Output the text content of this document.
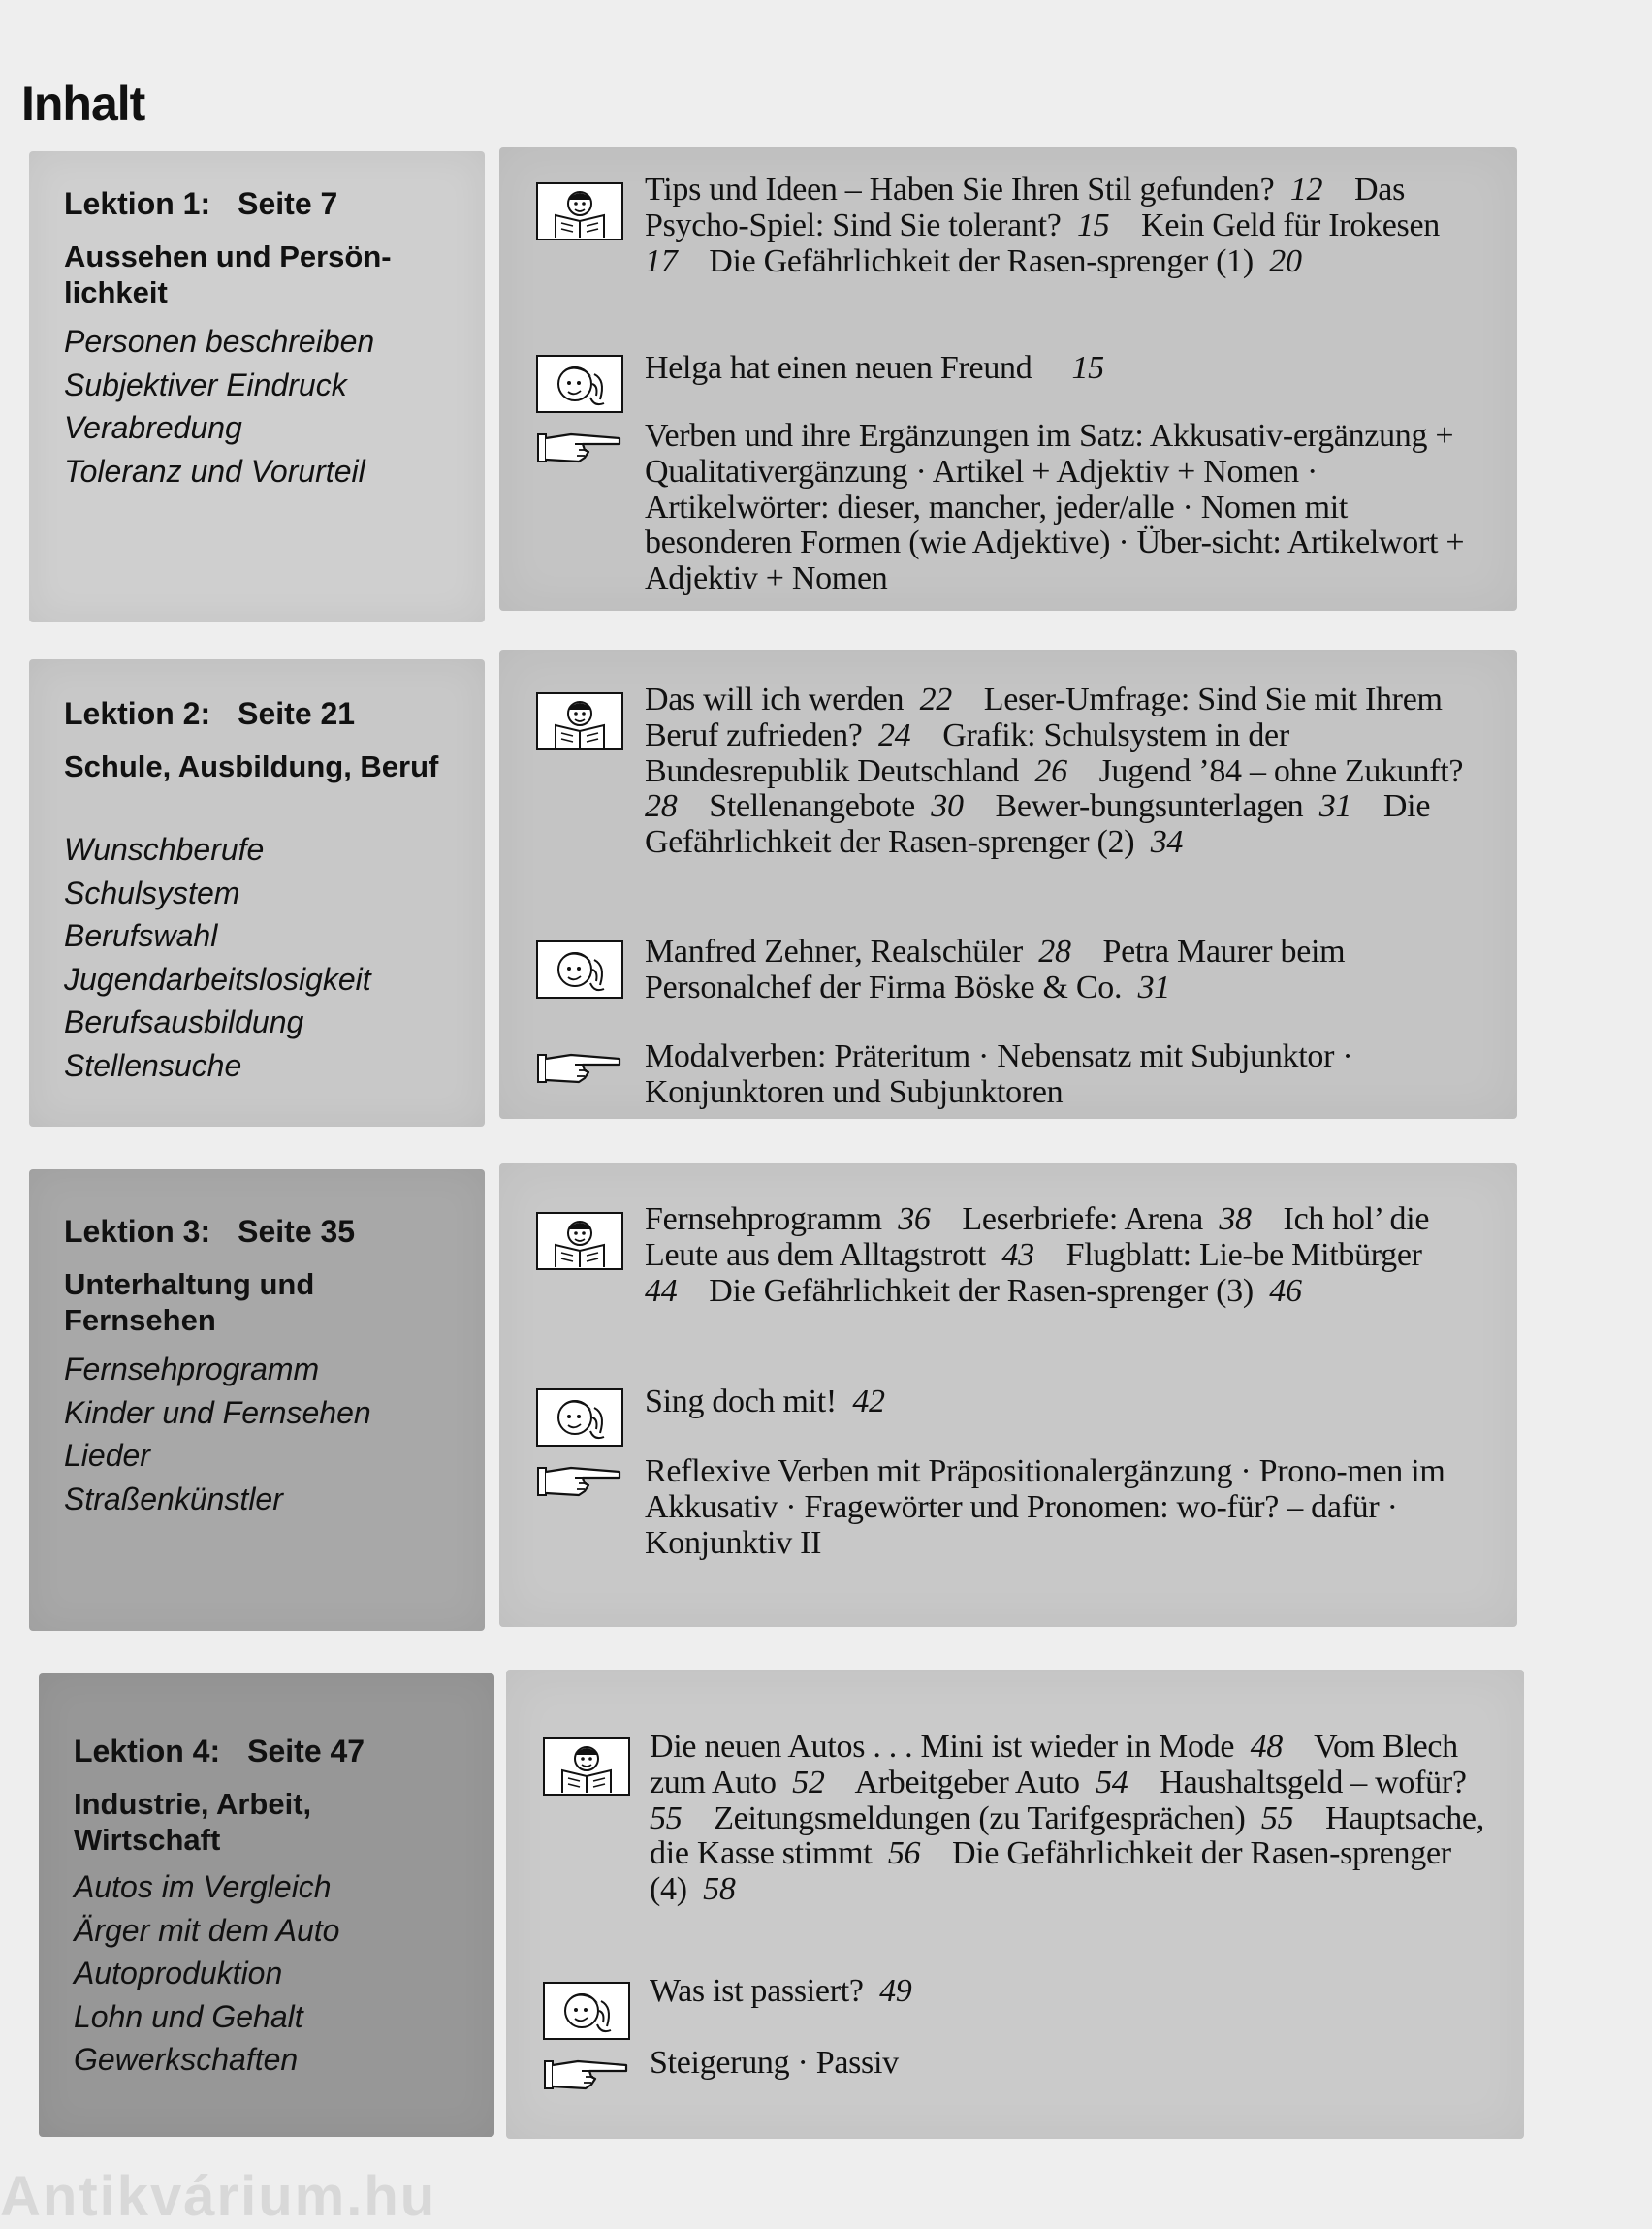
Inhalt
Lektion 1: Seite 7
Aussehen und Persön-lichkeit
Personen beschreiben
Subjektiver Eindruck
Verabredung
Toleranz und Vorurteil

Tips und Ideen – Haben Sie Ihren Stil gefunden? 12 Das Psycho-Spiel: Sind Sie tolerant? 15 Kein Geld für Irokesen  17 Die Gefährlichkeit der Rasen-sprenger (1) 20

Helga hat einen neuen Freund 15

Verben und ihre Ergänzungen im Satz: Akkusativ-ergänzung + Qualitativergänzung · Artikel + Adjektiv + Nomen · Artikelwörter: dieser, mancher, jeder/alle · Nomen mit besonderen Formen (wie Adjektive) · Über-sicht: Artikelwort + Adjektiv + Nomen

Lektion 2: Seite 21
Schule, Ausbildung, Beruf
Wunschberufe
Schulsystem
Berufswahl
Jugendarbeitslosigkeit
Berufsausbildung
Stellensuche

Das will ich werden 22 Leser-Umfrage: Sind Sie mit Ihrem Beruf zufrieden? 24 Grafik: Schulsystem in der Bundesrepublik Deutschland 26 Jugend ’84 – ohne Zukunft?  28 Stellenangebote 30 Bewer-bungsunterlagen 31 Die Gefährlichkeit der Rasen-sprenger (2) 34

Manfred Zehner, Realschüler 28 Petra Maurer beim Personalchef der Firma Böske & Co. 31

Modalverben: Präteritum · Nebensatz mit Subjunktor · Konjunktoren und Subjunktoren

Lektion 3: Seite 35
Unterhaltung und Fernsehen
Fernsehprogramm
Kinder und Fernsehen
Lieder
Straßenkünstler

Fernsehprogramm 36 Leserbriefe: Arena 38 Ich hol’ die Leute aus dem Alltagstrott 43 Flugblatt: Lie-be Mitbürger  44 Die Gefährlichkeit der Rasen-sprenger (3) 46

Sing doch mit! 42

Reflexive Verben mit Präpositionalergänzung · Prono-men im Akkusativ · Fragewörter und Pronomen: wo-für? – dafür · Konjunktiv II

Lektion 4: Seite 47
Industrie, Arbeit, Wirtschaft
Autos im Vergleich
Ärger mit dem Auto
Autoproduktion
Lohn und Gehalt
Gewerkschaften

Die neuen Autos . . . Mini ist wieder in Mode 48 Vom Blech zum Auto 52 Arbeitgeber Auto 54 Haushaltsgeld – wofür?  55 Zeitungsmeldungen (zu Tarifgesprächen) 55 Hauptsache, die Kasse stimmt 56 Die Gefährlichkeit der Rasen-sprenger (4) 58

Was ist passiert? 49

Steigerung · Passiv

Antikvárium.hu
